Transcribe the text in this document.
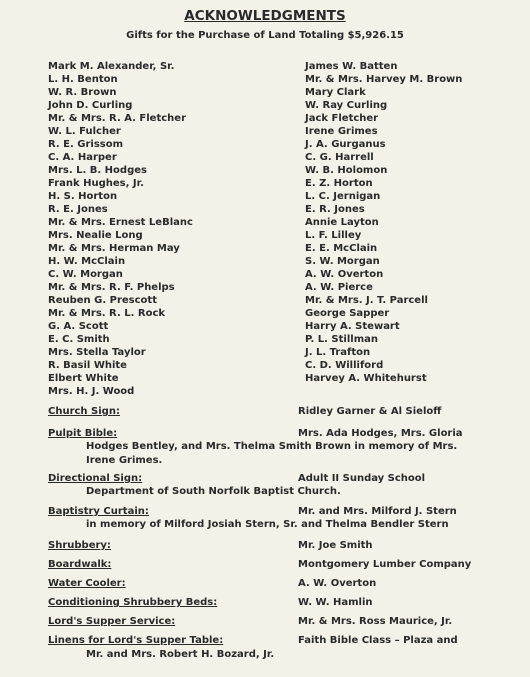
ACKNOWLEDGMENTS
Gifts for the Purchase of Land Totaling $5,926.15
Mark M. Alexander, Sr.
L. H. Benton
W. R. Brown
John D. Curling
Mr. & Mrs. R. A. Fletcher
W. L. Fulcher
R. E. Grissom
C. A. Harper
Mrs. L. B. Hodges
Frank Hughes, Jr.
H. S. Horton
R. E. Jones
Mr. & Mrs. Ernest LeBlanc
Mrs. Nealie Long
Mr. & Mrs. Herman May
H. W. McClain
C. W. Morgan
Mr. & Mrs. R. F. Phelps
Reuben G. Prescott
Mr. & Mrs. R. L. Rock
G. A. Scott
E. C. Smith
Mrs. Stella Taylor
R. Basil White
Elbert White
Mrs. H. J. Wood
James W. Batten
Mr. & Mrs. Harvey M. Brown
Mary Clark
W. Ray Curling
Jack Fletcher
Irene Grimes
J. A. Gurganus
C. G. Harrell
W. B. Holomon
E. Z. Horton
L. C. Jernigan
E. R. Jones
Annie Layton
L. F. Lilley
E. E. McClain
S. W. Morgan
A. W. Overton
A. W. Pierce
Mr. & Mrs. J. T. Parcell
George Sapper
Harry A. Stewart
P. L. Stillman
J. L. Trafton
C. D. Williford
Harvey A. Whitehurst
Church Sign:	Ridley Garner & Al Sieloff
Pulpit Bible:	Mrs. Ada Hodges, Mrs. Gloria
Hodges Bentley, and Mrs. Thelma Smith Brown in memory of Mrs.
Irene Grimes.
Directional Sign:	Adult II Sunday School
Department of South Norfolk Baptist Church.
Baptistry Curtain:	Mr. and Mrs. Milford J. Stern
in memory of Milford Josiah Stern, Sr. and Thelma Bendler Stern
Shrubbery:	Mr. Joe Smith
Boardwalk:	Montgomery Lumber Company
Water Cooler:	A. W. Overton
Conditioning Shrubbery Beds:	W. W. Hamlin
Lord's Supper Service:	Mr. & Mrs. Ross Maurice, Jr.
Linens for Lord's Supper Table:	Faith Bible Class – Plaza and
Mr. and Mrs. Robert H. Bozard, Jr.
